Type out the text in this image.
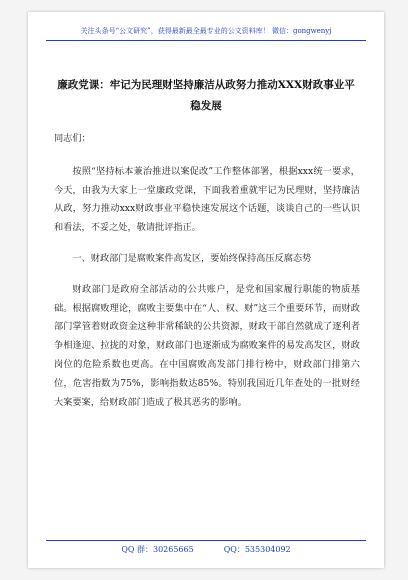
关注头条号“公文研究”，获得最新最全最专业的公文资料库！ 微信：gongwenyj
廉政党课：牢记为民理财坚持廉洁从政努力推动XXX财政事业平稳发展

同志们：

按照“坚持标本兼治推进以案促改”工作整体部署，根据xxx统一要求，今天，由我为大家上一堂廉政党课，下面我着重就牢记为民理财，坚持廉洁从政，努力推动xxx财政事业平稳快速发展这个话题，谈谈自己的一些认识和看法，不妥之处，敬请批评指正。

一、财政部门是腐败案件高发区，要始终保持高压反腐态势

财政部门是政府全部活动的公共账户，是党和国家履行职能的物质基础。根据腐败理论，腐败主要集中在“人、权、财”这三个重要环节，而财政部门掌管着财政资金这种非常稀缺的公共资源，财政干部自然就成了逐利者争相逢迎、拉拢的对象，财政部门也逐渐成为腐败案件的易发高发区，财政岗位的危险系数也更高。在中国腐败高发部门排行榜中，财政部门排第六位，危害指数为75%，影响指数达85%。特别我国近几年查处的一批财经大案要案，给财政部门造成了极其恶劣的影响。

QQ 群：30265665	QQ：535304092
